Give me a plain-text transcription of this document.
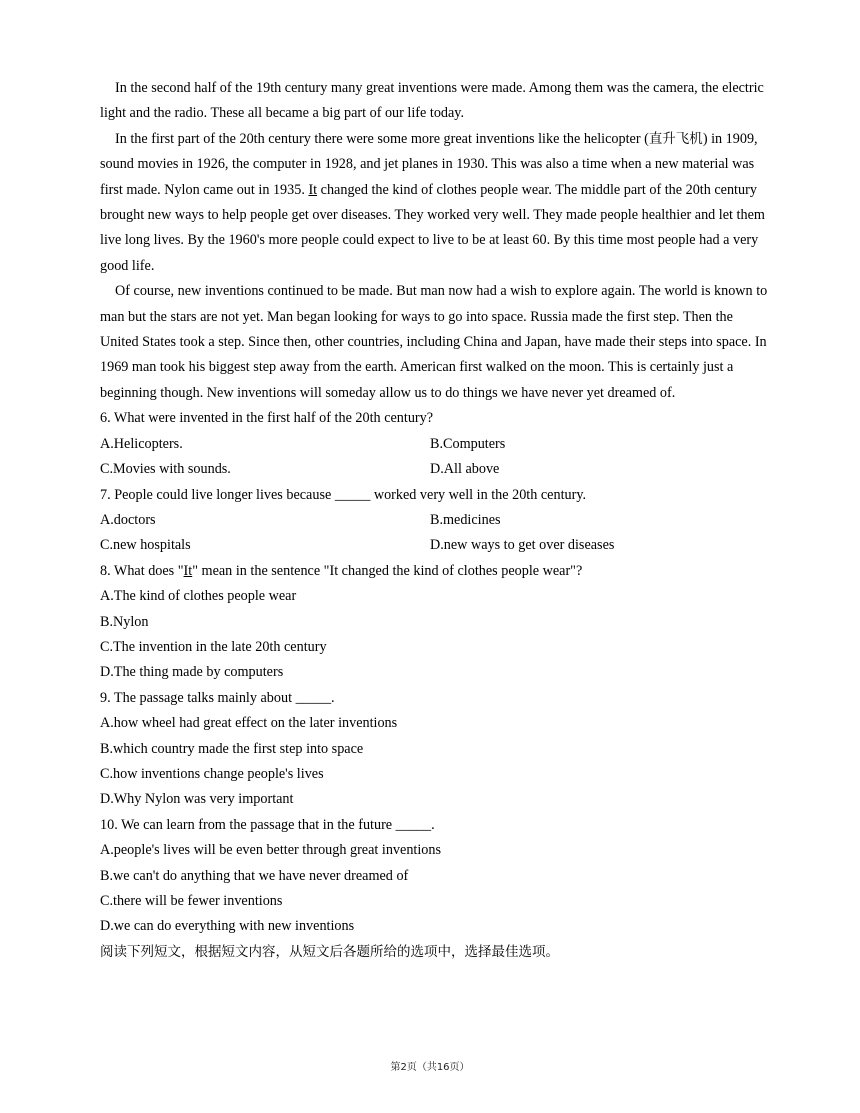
In the second half of the 19th century many great inventions were made. Among them was the camera, the electric light and the radio. These all became a big part of our life today.

In the first part of the 20th century there were some more great inventions like the helicopter (直升飞机) in 1909, sound movies in 1926, the computer in 1928, and jet planes in 1930. This was also a time when a new material was first made. Nylon came out in 1935. It changed the kind of clothes people wear. The middle part of the 20th century brought new ways to help people get over diseases. They worked very well. They made people healthier and let them live long lives. By the 1960's more people could expect to live to be at least 60. By this time most people had a very good life.

Of course, new inventions continued to be made. But man now had a wish to explore again. The world is known to man but the stars are not yet. Man began looking for ways to go into space. Russia made the first step. Then the United States took a step. Since then, other countries, including China and Japan, have made their steps into space. In 1969 man took his biggest step away from the earth. American first walked on the moon. This is certainly just a beginning though. New inventions will someday allow us to do things we have never yet dreamed of.

6. What were invented in the first half of the 20th century?

A.Helicopters.	B.Computers
C.Movies with sounds.	D.All above

7. People could live longer lives because _____ worked very well in the 20th century.

A.doctors	B.medicines
C.new hospitals	D.new ways to get over diseases

8. What does "It" mean in the sentence "It changed the kind of clothes people wear"?

A.The kind of clothes people wear

B.Nylon

C.The invention in the late 20th century

D.The thing made by computers

9. The passage talks mainly about _____.

A.how wheel had great effect on the later inventions

B.which country made the first step into space

C.how inventions change people's lives

D.Why Nylon was very important

10. We can learn from the passage that in the future _____.

A.people's lives will be even better through great inventions

B.we can't do anything that we have never dreamed of

C.there will be fewer inventions

D.we can do everything with new inventions

阅读下列短文，根据短文内容，从短文后各题所给的选项中，选择最佳选项。

第2页（共16页）
